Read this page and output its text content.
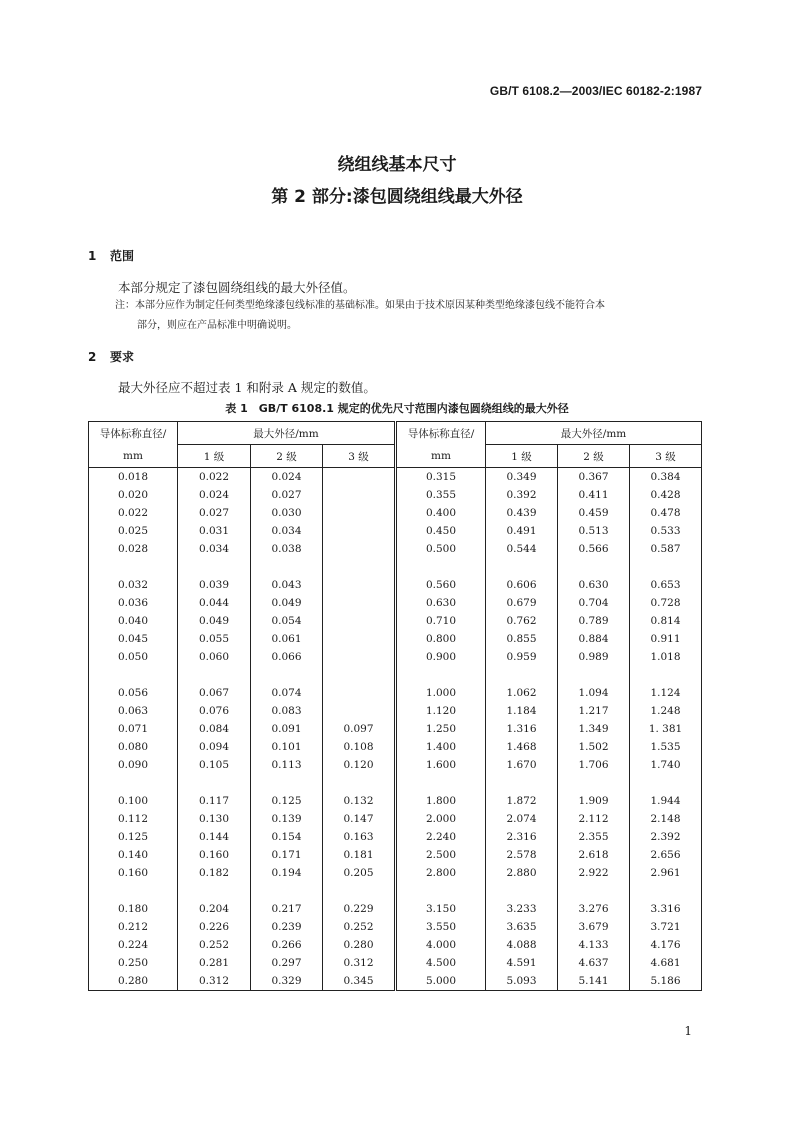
GB/T 6108.2—2003/IEC 60182-2:1987
绕组线基本尺寸
第 2 部分:漆包圆绕组线最大外径
1 范围
本部分规定了漆包圆绕组线的最大外径值。
注：本部分应作为制定任何类型绝缘漆包线标准的基础标准。如果由于技术原因某种类型绝缘漆包线不能符合本
部分，则应在产品标准中明确说明。
2 要求
最大外径应不超过表 1 和附录 A 规定的数值。
表 1　GB/T 6108.1 规定的优先尺寸范围内漆包圆绕组线的最大外径
导体标称直径/	最大外径/mm			导体标称直径/	最大外径/mm		
mm	1 级	2 级	3 级	mm	1 级	2 级	3 级
0.018	0.022	0.024		0.315	0.349	0.367	0.384
0.020	0.024	0.027		0.355	0.392	0.411	0.428
0.022	0.027	0.030		0.400	0.439	0.459	0.478
0.025	0.031	0.034		0.450	0.491	0.513	0.533
0.028	0.034	0.038		0.500	0.544	0.566	0.587

0.032	0.039	0.043		0.560	0.606	0.630	0.653
0.036	0.044	0.049		0.630	0.679	0.704	0.728
0.040	0.049	0.054		0.710	0.762	0.789	0.814
0.045	0.055	0.061		0.800	0.855	0.884	0.911
0.050	0.060	0.066		0.900	0.959	0.989	1.018

0.056	0.067	0.074		1.000	1.062	1.094	1.124
0.063	0.076	0.083		1.120	1.184	1.217	1.248
0.071	0.084	0.091	0.097	1.250	1.316	1.349	1. 381
0.080	0.094	0.101	0.108	1.400	1.468	1.502	1.535
0.090	0.105	0.113	0.120	1.600	1.670	1.706	1.740

0.100	0.117	0.125	0.132	1.800	1.872	1.909	1.944
0.112	0.130	0.139	0.147	2.000	2.074	2.112	2.148
0.125	0.144	0.154	0.163	2.240	2.316	2.355	2.392
0.140	0.160	0.171	0.181	2.500	2.578	2.618	2.656
0.160	0.182	0.194	0.205	2.800	2.880	2.922	2.961

0.180	0.204	0.217	0.229	3.150	3.233	3.276	3.316
0.212	0.226	0.239	0.252	3.550	3.635	3.679	3.721
0.224	0.252	0.266	0.280	4.000	4.088	4.133	4.176
0.250	0.281	0.297	0.312	4.500	4.591	4.637	4.681
0.280	0.312	0.329	0.345	5.000	5.093	5.141	5.186
1
